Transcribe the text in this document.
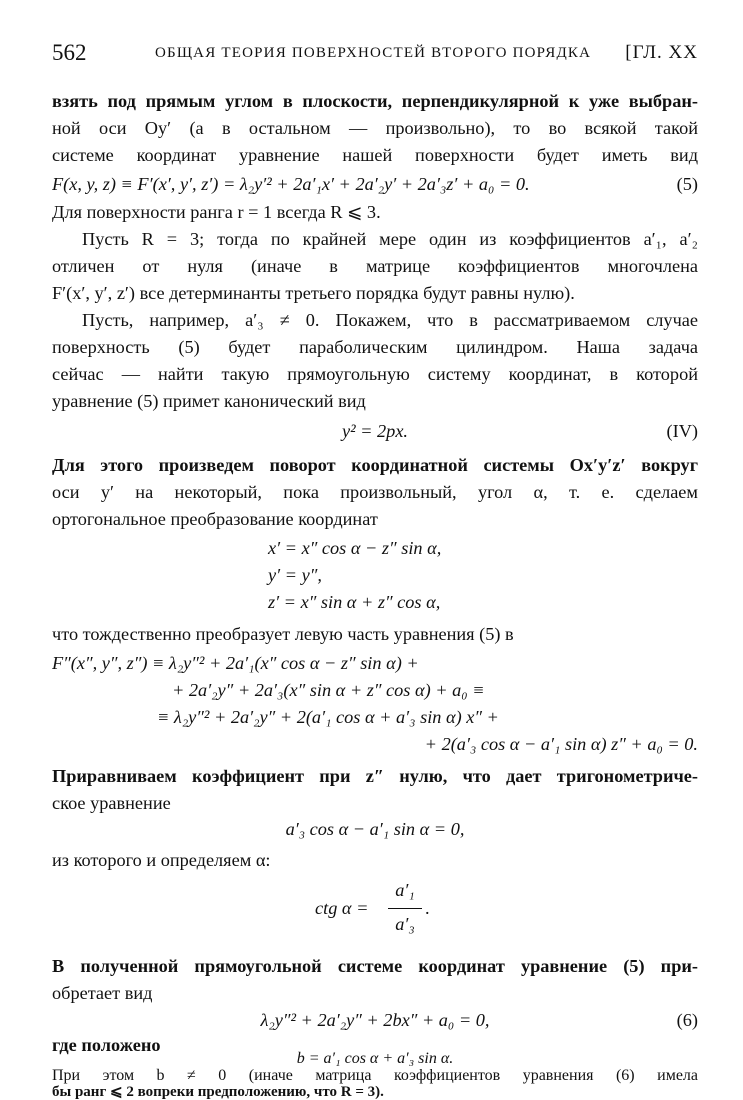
562	ОБЩАЯ ТЕОРИЯ ПОВЕРХНОСТЕЙ ВТОРОГО ПОРЯДКА [ГЛ. XX
взять под прямым углом в плоскости, перпендикулярной к уже выбран-
ной оси Oy′ (а в остальном — произвольно), то во всякой такой
системе координат уравнение нашей поверхности будет иметь вид
F(x, y, z) ≡ F′(x′, y′, z′) = λ₂y′² + 2a′₁x′ + 2a′₂y′ + 2a′₃z′ + a₀ = 0.	(5)
Для поверхности ранга r = 1 всегда R ⩽ 3.
Пусть R = 3; тогда по крайней мере один из коэффициентов a′₁, a′₂
отличен от нуля (иначе в матрице коэффициентов многочлена
F′(x′, y′, z′) все детерминанты третьего порядка будут равны нулю).
Пусть, например, a′₃ ≠ 0. Покажем, что в рассматриваемом случае
поверхность (5) будет параболическим цилиндром. Наша задача
сейчас — найти такую прямоугольную систему координат, в которой
уравнение (5) примет канонический вид
y² = 2px.	(IV)
Для этого произведем поворот координатной системы Ox′y′z′ вокруг
оси y′ на некоторый, пока произвольный, угол α, т. е. сделаем
ортогональное преобразование координат
x′ = x″ cos α − z″ sin α,
y′ = y″,
z′ = x″ sin α + z″ cos α,
что тождественно преобразует левую часть уравнения (5) в
F″(x″, y″, z″) ≡ λ₂y″² + 2a′₁(x″ cos α − z″ sin α) +
+ 2a′₂y″ + 2a′₃(x″ sin α + z″ cos α) + a₀ ≡
≡ λ₂y″² + 2a′₂y″ + 2(a′₁ cos α + a′₃ sin α) x″ +
+ 2(a′₃ cos α − a′₁ sin α) z″ + a₀ = 0.
Приравниваем коэффициент при z″ нулю, что дает тригонометриче-
ское уравнение
a′₃ cos α − a′₁ sin α = 0,
из которого и определяем α:
ctg α =
a′₁
a′₃
.
В полученной прямоугольной системе координат уравнение (5) при-
обретает вид
λ₂y″² + 2a′₂y″ + 2bx″ + a₀ = 0,	(6)
где положено
b = a′₁ cos α + a′₃ sin α.
При этом b ≠ 0 (иначе матрица коэффициентов уравнения (6) имела
бы ранг ⩽ 2 вопреки предположению, что R = 3).
